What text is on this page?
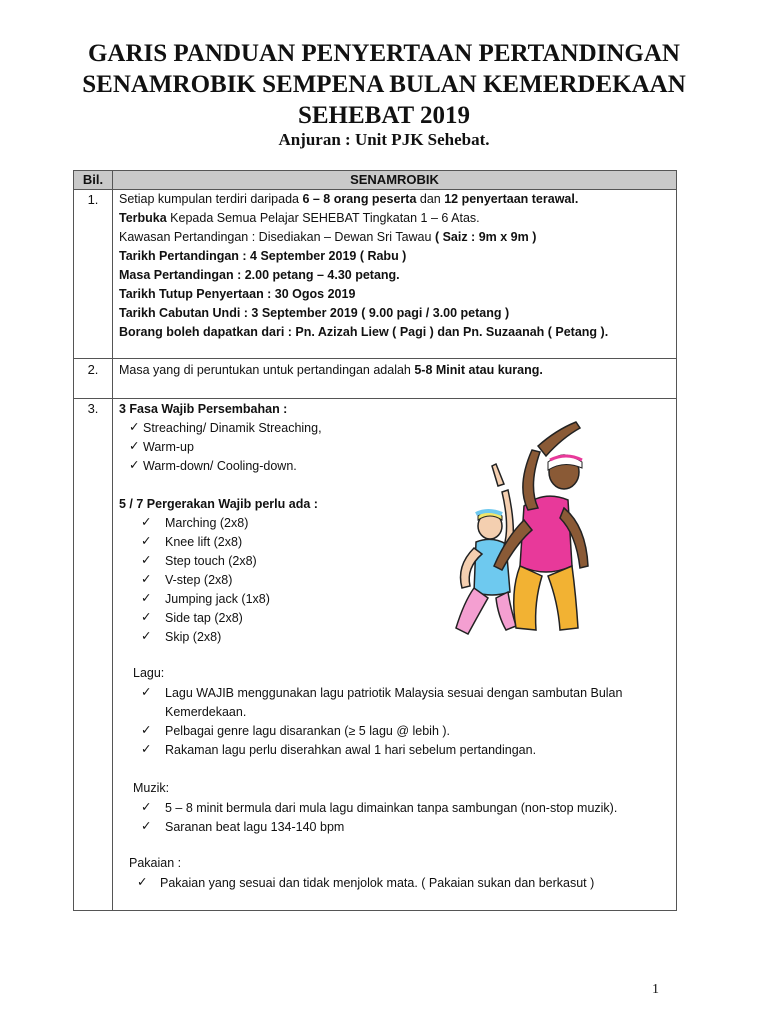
GARIS PANDUAN PENYERTAAN PERTANDINGAN
SENAMROBIK SEMPENA BULAN KEMERDEKAAN
SEHEBAT 2019

Anjuran : Unit PJK Sehebat.

Bil.	SENAMROBIK
1.	Setiap kumpulan terdiri daripada 6 – 8 orang peserta dan 12 penyertaan terawal.
Terbuka Kepada Semua Pelajar SEHEBAT Tingkatan 1 – 6 Atas.
Kawasan Pertandingan : Disediakan – Dewan Sri Tawau ( Saiz : 9m x 9m )
Tarikh Pertandingan : 4 September 2019 ( Rabu )
Masa Pertandingan : 2.00 petang – 4.30 petang.
Tarikh Tutup Penyertaan : 30 Ogos 2019
Tarikh Cabutan Undi : 3 September 2019 ( 9.00 pagi / 3.00 petang )
Borang boleh dapatkan dari : Pn. Azizah Liew ( Pagi ) dan Pn. Suzaanah ( Petang ).
2.	Masa yang di peruntukan untuk pertandingan adalah 5-8 Minit atau kurang.
3.	3 Fasa Wajib Persembahan :
✓ Streaching/ Dinamik Streaching,
✓ Warm-up
✓ Warm-down/ Cooling-down.
5 / 7 Pergerakan Wajib perlu ada :
✓ Marching (2x8)
✓ Knee lift (2x8)
✓ Step touch (2x8)
✓ V-step (2x8)
✓ Jumping jack (1x8)
✓ Side tap (2x8)
✓ Skip (2x8)
Lagu:
✓ Lagu WAJIB menggunakan lagu patriotik Malaysia sesuai dengan sambutan Bulan Kemerdekaan.
✓ Pelbagai genre lagu disarankan (≥ 5 lagu @ lebih ).
✓ Rakaman lagu perlu diserahkan awal 1 hari sebelum pertandingan.
Muzik:
✓ 5 – 8 minit bermula dari mula lagu dimainkan tanpa sambungan (non-stop muzik).
✓ Saranan beat lagu 134-140 bpm
Pakaian :
✓ Pakaian yang sesuai dan tidak menjolok mata. ( Pakaian sukan dan berkasut )
1
